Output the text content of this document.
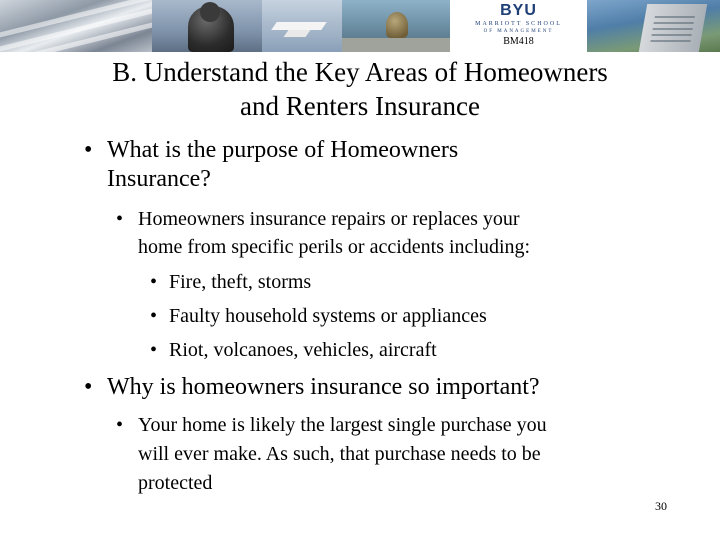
BYU
MARRIOTT SCHOOL
OF MANAGEMENT
BM418
B. Understand the Key Areas of Homeowners
and Renters Insurance
• What is the purpose of Homeowners
Insurance?
• Homeowners insurance repairs or replaces your
home from specific perils or accidents including:
• Fire, theft, storms
• Faulty household systems or appliances
• Riot, volcanoes, vehicles, aircraft
• Why is homeowners insurance so important?
• Your home is likely the largest single purchase you
will ever make. As such, that purchase needs to be
protected
30
